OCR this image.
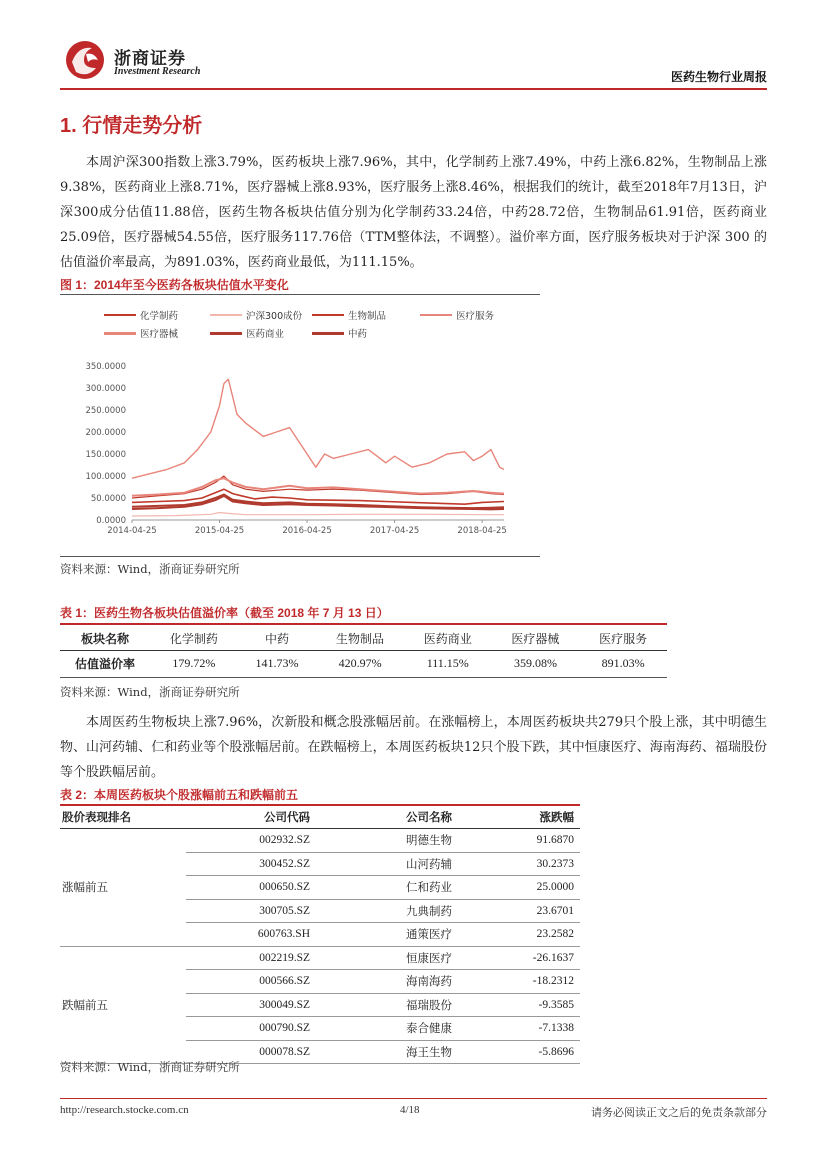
浙商证券
Investment Research	医药生物行业周报
1. 行情走势分析

本周沪深300指数上涨3.79%，医药板块上涨7.96%，其中，化学制药上涨7.49%，中药上涨6.82%，生物制品上涨9.38%，医药商业上涨8.71%，医疗器械上涨8.93%，医疗服务上涨8.46%，根据我们的统计，截至2018年7月13日，沪深300成分估值11.88倍，医药生物各板块估值分别为化学制药33.24倍，中药28.72倍，生物制品61.91倍，医药商业25.09倍，医疗器械54.55倍，医疗服务117.76倍（TTM整体法，不调整）。溢价率方面，医疗服务板块对于沪深 300 的估值溢价率最高，为891.03%，医药商业最低，为111.15%。

图 1：2014年至今医药各板块估值水平变化
化学制药	沪深300成份	生物制品	医疗服务
医疗器械	医药商业	中药
0.0000
50.0000
100.0000
150.0000
200.0000
250.0000
300.0000
350.0000
2014-04-25	2015-04-25	2016-04-25	2017-04-25	2018-04-25
资料来源：Wind，浙商证券研究所
表 1：医药生物各板块估值溢价率（截至 2018 年 7 月 13 日）
板块名称	化学制药	中药	生物制品	医药商业	医疗器械	医疗服务
估值溢价率	179.72%	141.73%	420.97%	111.15%	359.08%	891.03%
资料来源：Wind，浙商证券研究所

本周医药生物板块上涨7.96%，次新股和概念股涨幅居前。在涨幅榜上，本周医药板块共279只个股上涨，其中明德生物、山河药辅、仁和药业等个股涨幅居前。在跌幅榜上，本周医药板块12只个股下跌，其中恒康医疗、海南海药、福瑞股份等个股跌幅居前。

表 2：本周医药板块个股涨幅前五和跌幅前五
股价表现排名	公司代码	公司名称	涨跌幅
涨幅前五	002932.SZ	明德生物	91.6870
	300452.SZ	山河药辅	30.2373
	000650.SZ	仁和药业	25.0000
	300705.SZ	九典制药	23.6701
	600763.SH	通策医疗	23.2582
跌幅前五	002219.SZ	恒康医疗	-26.1637
	000566.SZ	海南海药	-18.2312
	300049.SZ	福瑞股份	-9.3585
	000790.SZ	泰合健康	-7.1338
	000078.SZ	海王生物	-5.8696
资料来源：Wind，浙商证券研究所
http://research.stocke.com.cn	4/18	请务必阅读正文之后的免责条款部分
